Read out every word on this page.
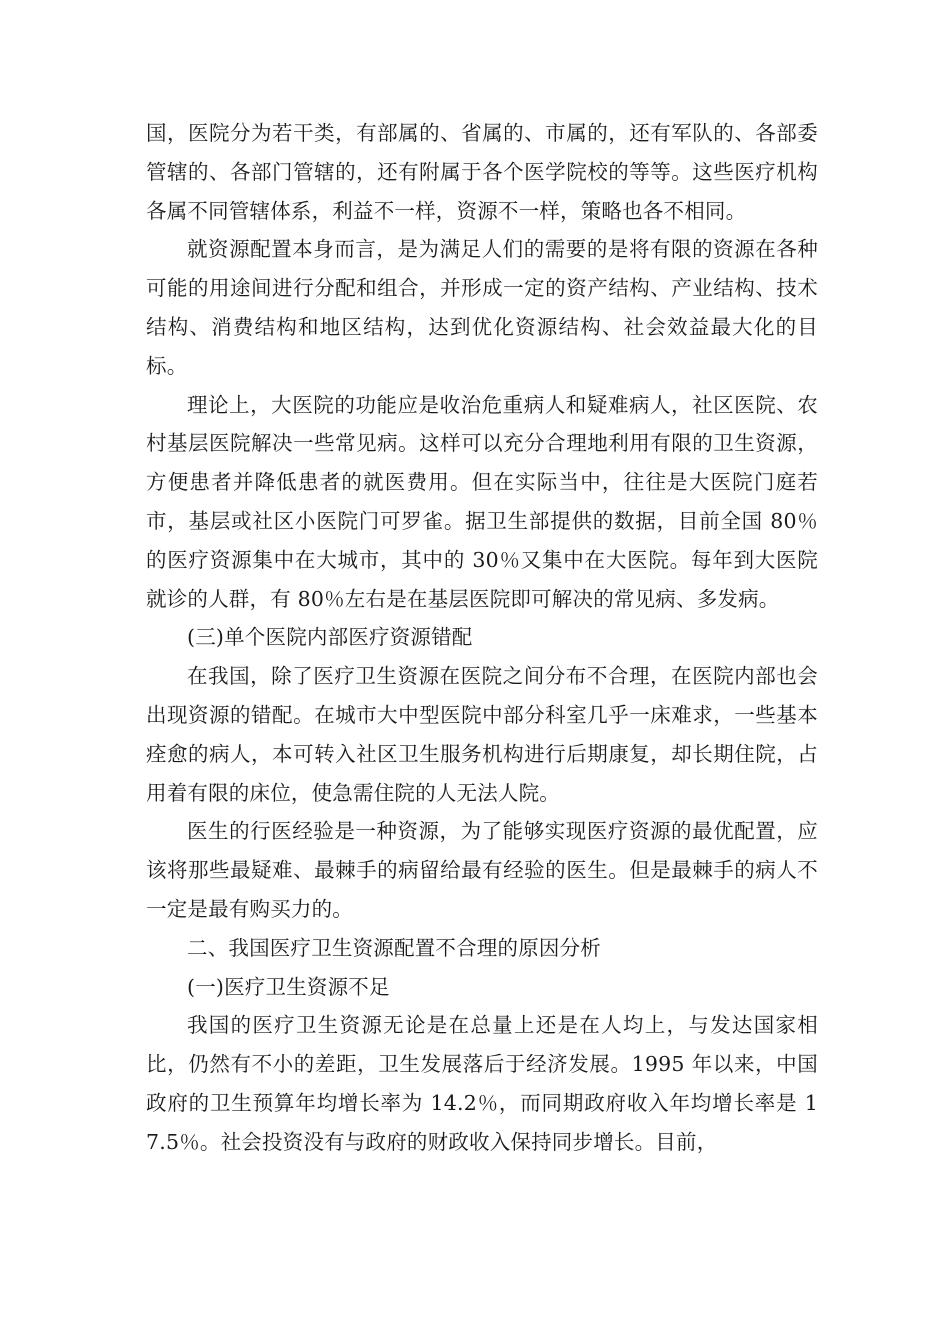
国，医院分为若干类，有部属的、省属的、市属的，还有军队的、各部委管辖的、各部门管辖的，还有附属于各个医学院校的等等。这些医疗机构各属不同管辖体系，利益不一样，资源不一样，策略也各不相同。

就资源配置本身而言，是为满足人们的需要的是将有限的资源在各种可能的用途间进行分配和组合，并形成一定的资产结构、产业结构、技术结构、消费结构和地区结构，达到优化资源结构、社会效益最大化的目标。

理论上，大医院的功能应是收治危重病人和疑难病人，社区医院、农村基层医院解决一些常见病。这样可以充分合理地利用有限的卫生资源，方便患者并降低患者的就医费用。但在实际当中，往往是大医院门庭若市，基层或社区小医院门可罗雀。据卫生部提供的数据，目前全国 80％的医疗资源集中在大城市，其中的 30％又集中在大医院。每年到大医院就诊的人群，有 80％左右是在基层医院即可解决的常见病、多发病。

(三)单个医院内部医疗资源错配

在我国，除了医疗卫生资源在医院之间分布不合理，在医院内部也会出现资源的错配。在城市大中型医院中部分科室几乎一床难求，一些基本痊愈的病人，本可转入社区卫生服务机构进行后期康复，却长期住院，占用着有限的床位，使急需住院的人无法人院。

医生的行医经验是一种资源，为了能够实现医疗资源的最优配置，应该将那些最疑难、最棘手的病留给最有经验的医生。但是最棘手的病人不一定是最有购买力的。

二、我国医疗卫生资源配置不合理的原因分析

(一)医疗卫生资源不足

我国的医疗卫生资源无论是在总量上还是在人均上，与发达国家相比，仍然有不小的差距，卫生发展落后于经济发展。1995 年以来，中国政府的卫生预算年均增长率为 14.2％，而同期政府收入年均增长率是 17.5％。社会投资没有与政府的财政收入保持同步增长。目前，
